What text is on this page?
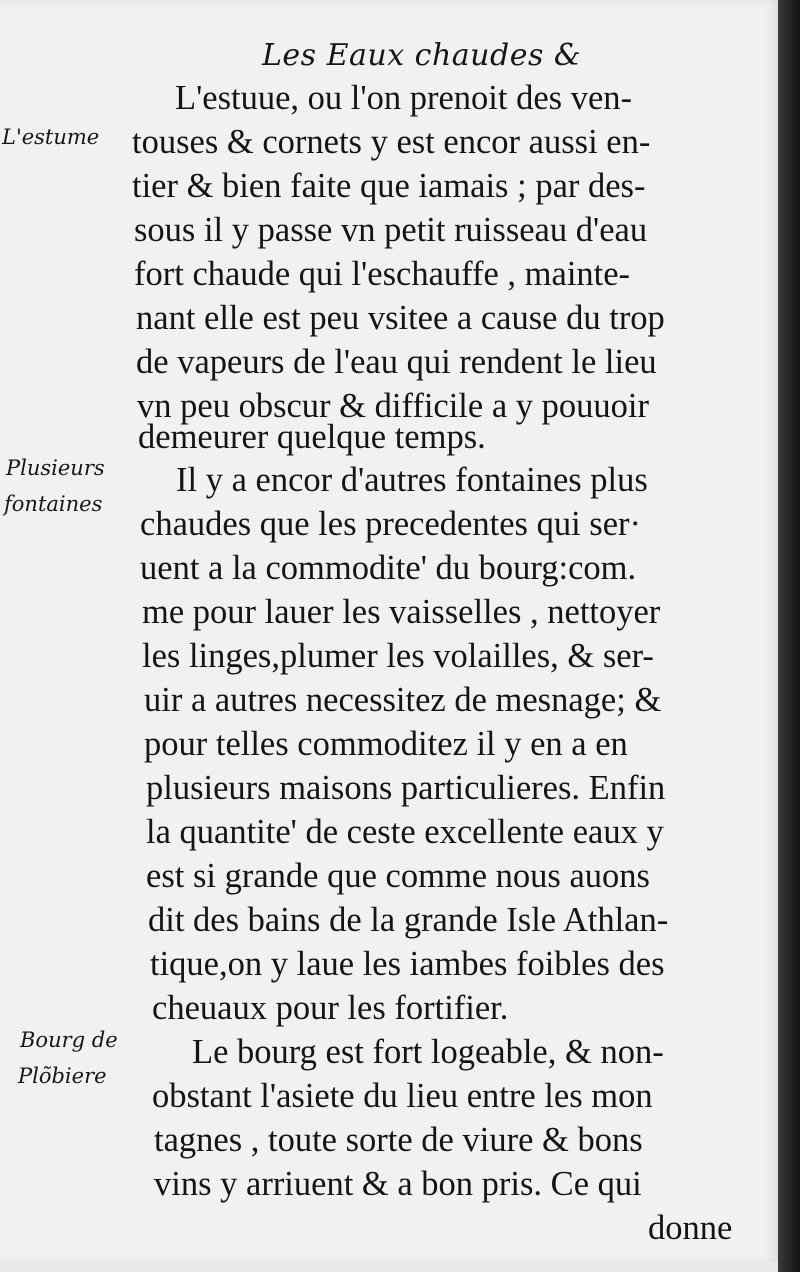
Les Eaux chaudes &
L'estume
Plusieurs
fontaines
Bourg de
Plõbiere
L'estuue, ou l'on prenoit des ven-
touses & cornets y est encor aussi en-
tier & bien faite que iamais ; par des-
sous il y passe vn petit ruisseau d'eau
fort chaude qui l'eschauffe , mainte-
nant elle est peu vsitee a cause du trop
de vapeurs de l'eau qui rendent le lieu
vn peu obscur & difficile a y pouuoir
demeurer quelque temps.
Il y a encor d'autres fontaines plus
chaudes que les precedentes qui ser·
uent a la commodite' du bourg:com.
me pour lauer les vaisselles , nettoyer
les linges,plumer les volailles, & ser-
uir a autres necessitez de mesnage; &
pour telles commoditez il y en a en
plusieurs maisons particulieres. Enfin
la quantite' de ceste excellente eaux y
est si grande que comme nous auons
dit des bains de la grande Isle Athlan-
tique,on y laue les iambes foibles des
cheuaux pour les fortifier.
Le bourg est fort logeable, & non-
obstant l'asiete du lieu entre les mon
tagnes , toute sorte de viure & bons
vins y arriuent & a bon pris. Ce qui
donne
